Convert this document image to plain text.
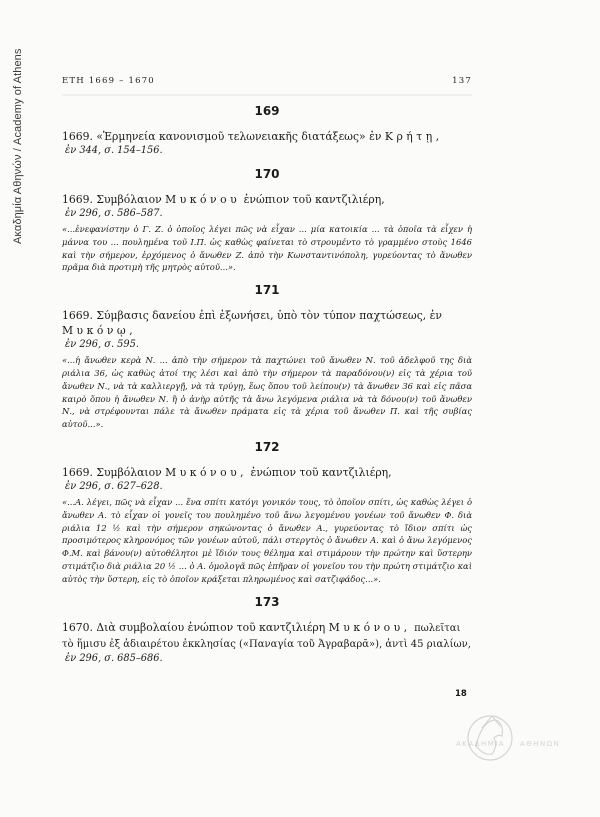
Ακαδημία Αθηνών / Academy of Athens	ΕΤΗ 1669 – 1670	137
169

1669. «Ἑρμηνεία κανονισμοῦ τελωνειακῆς διατάξεως» ἐν Κρήτῃ,

ἐν 344, σ. 154–156.

170

1669. Συμβόλαιον Μυκόνου ἐνώπιον τοῦ καντζιλιέρη,

ἐν 296, σ. 586–587.

«...ἐνεφανίστην ὁ Γ. Ζ. ὁ ὁποῖος λέγει πῶς νὰ εἶχαν ... μία κατοικία ... τὰ ὁποῖα τὰ εἶχεν ἡ μάννα του ... πουλημένα τοῦ Ι.Π. ὡς καθὼς φαίνεται τὸ στρουμέντο τὸ γραμμένο στοὺς 1646 καὶ τὴν σήμερον, ἐρχόμενος ὁ ἄνωθεν Ζ. ἀπὸ τὴν Κωνσταντινόπολη, γυρεύοντας τὸ ἄνωθεν πρᾶμα διὰ προτιμὴ τῆς μητρὸς αὐτοῦ...».

171

1669. Σύμβασις δανείου ἐπὶ ἐξωνήσει, ὑπὸ τὸν τύπον παχτώσεως, ἐν Μυκόνῳ,

ἐν 296, σ. 595.

«...ἡ ἄνωθεν κερὰ Ν. ... ἀπὸ τὴν σήμερον τὰ παχτώνει τοῦ ἄνωθεν Ν. τοῦ ἀδελφοῦ της διὰ ριάλια 36, ὡς καθὼς ἀτοί της λέσι καὶ ἀπὸ τὴν σήμερον τὰ παραδόνου(ν) εἰς τὰ χέρια τοῦ ἄνωθεν Ν., νὰ τὰ καλλιεργῇ, νὰ τὰ τρύγῃ, ἕως ὅπου τοῦ λείπου(ν) τὰ ἄνωθεν 36 καὶ εἰς πᾶσα καιρὸ ὅπου ἡ ἄνωθεν Ν. ἢ ὁ ἀνὴρ αὐτῆς τὰ ἄνω λεγόμενα ριάλια νὰ τὰ δόνου(ν) τοῦ ἄνωθεν Ν., νὰ στρέφουνται πάλε τὰ ἄνωθεν πράματα εἰς τὰ χέρια τοῦ ἄνωθεν Π. καὶ τῆς συβίας αὐτοῦ...».

172

1669. Συμβόλαιον Μυκόνου, ἐνώπιον τοῦ καντζιλιέρη,

ἐν 296, σ. 627–628.

«...Α. λέγει, πῶς νὰ εἶχαν ... ἕνα σπίτι κατόγι γονικόν τους, τὸ ὁποῖον σπίτι, ὡς καθὼς λέγει ὁ ἄνωθεν Α. τὸ εἶχαν οἱ γονεῖς του πουλημένο τοῦ ἄνω λεγομένου γονέων τοῦ ἄνωθεν Φ. διὰ ριάλια 12 ½ καὶ τὴν σήμερον σηκώνοντας ὁ ἄνωθεν Α., γυρεύοντας τὸ ἴδιον σπίτι ὡς προσιμότερος κληρονόμος τῶν γονέων αὐτοῦ, πάλι στεργτὸς ὁ ἄνωθεν Α. καὶ ὁ ἄνω λεγόμενος Φ.Μ. καὶ βάνου(ν) αὐτοθέλητοι μὲ ἴδιόν τους θέλημα καὶ στιμάρουν τὴν πρώτην καὶ ὕστερην στιμάτζιο διὰ ριάλια 20 ½ ... ὁ Α. ὁμολογᾶ πῶς ἐπῆραν οἱ γονεῖου του τὴν πρώτη στιμάτζιο καὶ αὐτὸς τὴν ὕστερη, εἰς τὸ ὁποῖον κράξεται πληρωμένος καὶ σατζιφάδος...».

173

1670. Διὰ συμβολαίου ἐνώπιον τοῦ καντζιλιέρη Μυκόνου, πωλεῖται τὸ ἥμισυ ἐξ ἀδιαιρέτου ἐκκλησίας («Παναγία τοῦ Ἀγραβαρᾶ»), ἀντὶ 45 ριαλίων,

ἐν 296, σ. 685–686.

18
ΑΚΑΔΗΜΙΑ ΑΘΗΝΩΝ
